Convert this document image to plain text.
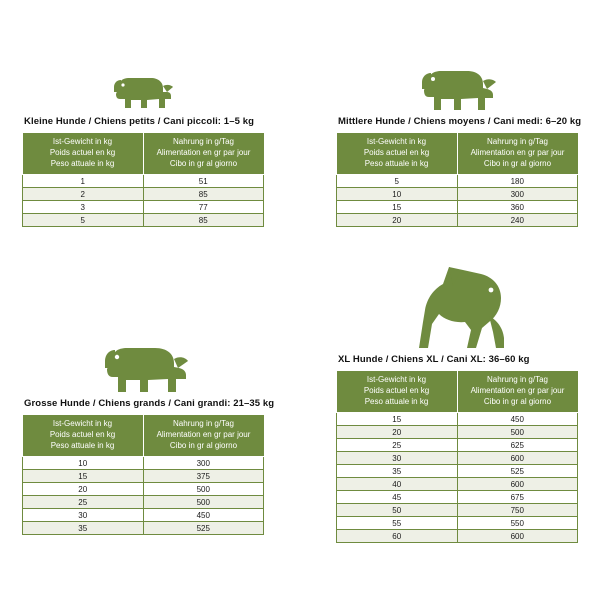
Kleine Hunde / Chiens petits / Cani piccoli: 1–5 kg
Ist-Gewicht in kg
Poids actuel en kg
Peso attuale in kg

Nahrung in g/Tag
Alimentation en gr par jour
Cibo in gr al giorno

1	51
2	85
3	77
5	85
Mittlere Hunde / Chiens moyens / Cani medi: 6–20 kg
Ist-Gewicht in kg
Poids actuel en kg
Peso attuale in kg

Nahrung in g/Tag
Alimentation en gr par jour
Cibo in gr al giorno

5	180
10	300
15	360
20	240
Grosse Hunde / Chiens grands / Cani grandi: 21–35 kg
Ist-Gewicht in kg
Poids actuel en kg
Peso attuale in kg

Nahrung in g/Tag
Alimentation en gr par jour
Cibo in gr al giorno

10	300
15	375
20	500
25	500
30	450
35	525
XL Hunde / Chiens XL / Cani XL: 36–60 kg
Ist-Gewicht in kg
Poids actuel en kg
Peso attuale in kg

Nahrung in g/Tag
Alimentation en gr par jour
Cibo in gr al giorno

15	450
20	500
25	625
30	600
35	525
40	600
45	675
50	750
55	550
60	600
